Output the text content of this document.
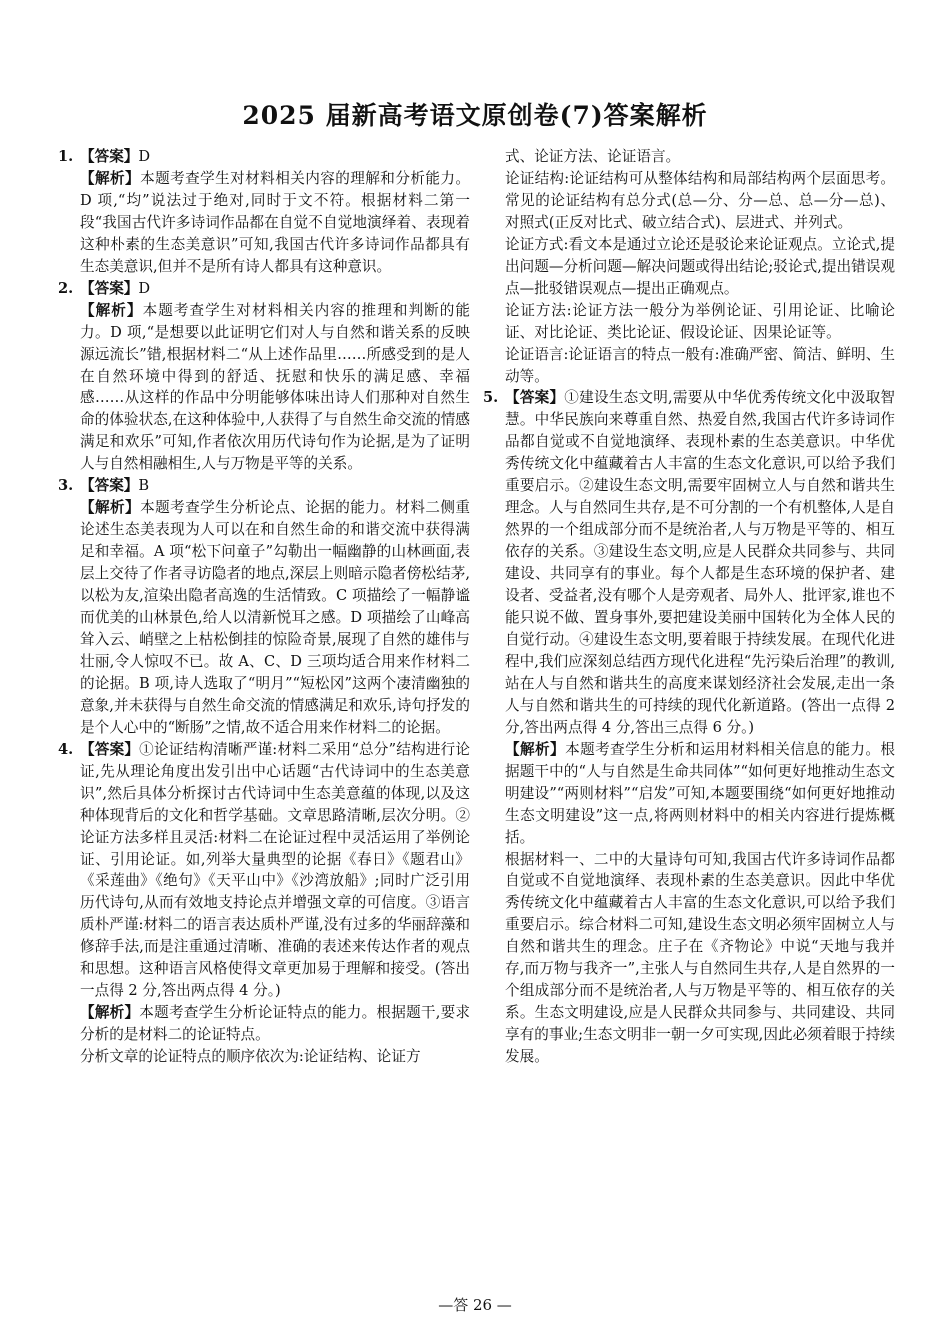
2025 届新高考语文原创卷(7)答案解析
1. 【答案】D
【解析】本题考查学生对材料相关内容的理解和分析能力。D 项,“均”说法过于绝对,同时于文不符。根据材料二第一段“我国古代许多诗词作品都在自觉不自觉地演绎着、表现着这种朴素的生态美意识”可知,我国古代许多诗词作品都具有生态美意识,但并不是所有诗人都具有这种意识。
2. 【答案】D
【解析】本题考查学生对材料相关内容的推理和判断的能力。D 项,“是想要以此证明它们对人与自然和谐关系的反映源远流长”错,根据材料二“从上述作品里……所感受到的是人在自然环境中得到的舒适、抚慰和快乐的满足感、幸福感……从这样的作品中分明能够体味出诗人们那种对自然生命的体验状态,在这种体验中,人获得了与自然生命交流的情感满足和欢乐”可知,作者依次用历代诗句作为论据,是为了证明人与自然相融相生,人与万物是平等的关系。
3. 【答案】B
【解析】本题考查学生分析论点、论据的能力。材料二侧重论述生态美表现为人可以在和自然生命的和谐交流中获得满足和幸福。A 项“松下问童子”勾勒出一幅幽静的山林画面,表层上交待了作者寻访隐者的地点,深层上则暗示隐者傍松结茅,以松为友,渲染出隐者高逸的生活情致。C 项描绘了一幅静谧而优美的山林景色,给人以清新悦耳之感。D 项描绘了山峰高耸入云、峭壁之上枯松倒挂的惊险奇景,展现了自然的雄伟与壮丽,令人惊叹不已。故 A、C、D 三项均适合用来作材料二的论据。B 项,诗人选取了“明月”“短松冈”这两个凄清幽独的意象,并未获得与自然生命交流的情感满足和欢乐,诗句抒发的是个人心中的“断肠”之情,故不适合用来作材料二的论据。
4. 【答案】①论证结构清晰严谨:材料二采用“总分”结构进行论证,先从理论角度出发引出中心话题“古代诗词中的生态美意识”,然后具体分析探讨古代诗词中生态美意蕴的体现,以及这种体现背后的文化和哲学基础。文章思路清晰,层次分明。②论证方法多样且灵活:材料二在论证过程中灵活运用了举例论证、引用论证。如,列举大量典型的论据《春日》《题君山》《采莲曲》《绝句》《天平山中》《沙湾放船》;同时广泛引用历代诗句,从而有效地支持论点并增强文章的可信度。③语言质朴严谨:材料二的语言表达质朴严谨,没有过多的华丽辞藻和修辞手法,而是注重通过清晰、准确的表述来传达作者的观点和思想。这种语言风格使得文章更加易于理解和接受。(答出一点得 2 分,答出两点得 4 分。)
【解析】本题考查学生分析论证特点的能力。根据题干,要求分析的是材料二的论证特点。
分析文章的论证特点的顺序依次为:论证结构、论证方
式、论证方法、论证语言。
论证结构:论证结构可从整体结构和局部结构两个层面思考。常见的论证结构有总分式(总—分、分—总、总—分—总)、对照式(正反对比式、破立结合式)、层进式、并列式。
论证方式:看文本是通过立论还是驳论来论证观点。立论式,提出问题—分析问题—解决问题或得出结论;驳论式,提出错误观点—批驳错误观点—提出正确观点。
论证方法:论证方法一般分为举例论证、引用论证、比喻论证、对比论证、类比论证、假设论证、因果论证等。
论证语言:论证语言的特点一般有:准确严密、简洁、鲜明、生动等。
5. 【答案】①建设生态文明,需要从中华优秀传统文化中汲取智慧。中华民族向来尊重自然、热爱自然,我国古代许多诗词作品都自觉或不自觉地演绎、表现朴素的生态美意识。中华优秀传统文化中蕴藏着古人丰富的生态文化意识,可以给予我们重要启示。②建设生态文明,需要牢固树立人与自然和谐共生理念。人与自然同生共存,是不可分割的一个有机整体,人是自然界的一个组成部分而不是统治者,人与万物是平等的、相互依存的关系。③建设生态文明,应是人民群众共同参与、共同建设、共同享有的事业。每个人都是生态环境的保护者、建设者、受益者,没有哪个人是旁观者、局外人、批评家,谁也不能只说不做、置身事外,要把建设美丽中国转化为全体人民的自觉行动。④建设生态文明,要着眼于持续发展。在现代化进程中,我们应深刻总结西方现代化进程“先污染后治理”的教训,站在人与自然和谐共生的高度来谋划经济社会发展,走出一条人与自然和谐共生的可持续的现代化新道路。(答出一点得 2 分,答出两点得 4 分,答出三点得 6 分。)
【解析】本题考查学生分析和运用材料相关信息的能力。根据题干中的“人与自然是生命共同体”“如何更好地推动生态文明建设”“两则材料”“启发”可知,本题要围绕“如何更好地推动生态文明建设”这一点,将两则材料中的相关内容进行提炼概括。
根据材料一、二中的大量诗句可知,我国古代许多诗词作品都自觉或不自觉地演绎、表现朴素的生态美意识。因此中华优秀传统文化中蕴藏着古人丰富的生态文化意识,可以给予我们重要启示。综合材料二可知,建设生态文明必须牢固树立人与自然和谐共生的理念。庄子在《齐物论》中说“天地与我并存,而万物与我齐一”,主张人与自然同生共存,人是自然界的一个组成部分而不是统治者,人与万物是平等的、相互依存的关系。生态文明建设,应是人民群众共同参与、共同建设、共同享有的事业;生态文明非一朝一夕可实现,因此必须着眼于持续发展。
—答 26 —
